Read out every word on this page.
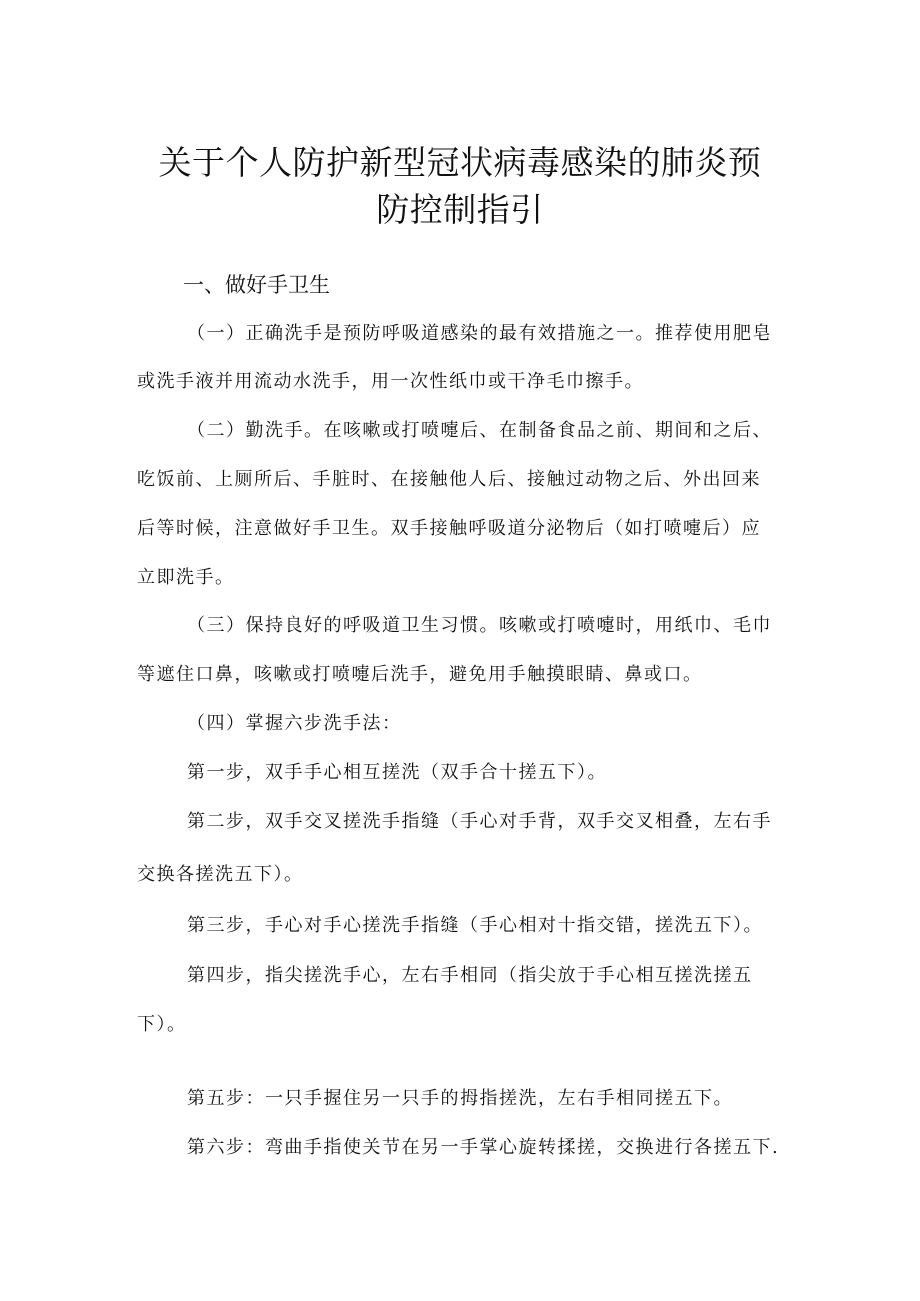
关于个人防护新型冠状病毒感染的肺炎预
防控制指引
一、做好手卫生
（一）正确洗手是预防呼吸道感染的最有效措施之一。推荐使用肥皂
或洗手液并用流动水洗手，用一次性纸巾或干净毛巾擦手。
（二）勤洗手。在咳嗽或打喷嚏后、在制备食品之前、期间和之后、
吃饭前、上厕所后、手脏时、在接触他人后、接触过动物之后、外出回来
后等时候，注意做好手卫生。双手接触呼吸道分泌物后（如打喷嚏后）应
立即洗手。
（三）保持良好的呼吸道卫生习惯。咳嗽或打喷嚏时，用纸巾、毛巾
等遮住口鼻，咳嗽或打喷嚏后洗手，避免用手触摸眼睛、鼻或口。
（四）掌握六步洗手法：
第一步，双手手心相互搓洗（双手合十搓五下）。
第二步，双手交叉搓洗手指缝（手心对手背，双手交叉相叠，左右手
交换各搓洗五下）。
第三步，手心对手心搓洗手指缝（手心相对十指交错，搓洗五下）。
第四步，指尖搓洗手心，左右手相同（指尖放于手心相互搓洗搓五
下）。
第五步：一只手握住另一只手的拇指搓洗，左右手相同搓五下。
第六步：弯曲手指使关节在另一手掌心旋转揉搓，交换进行各搓五下.
